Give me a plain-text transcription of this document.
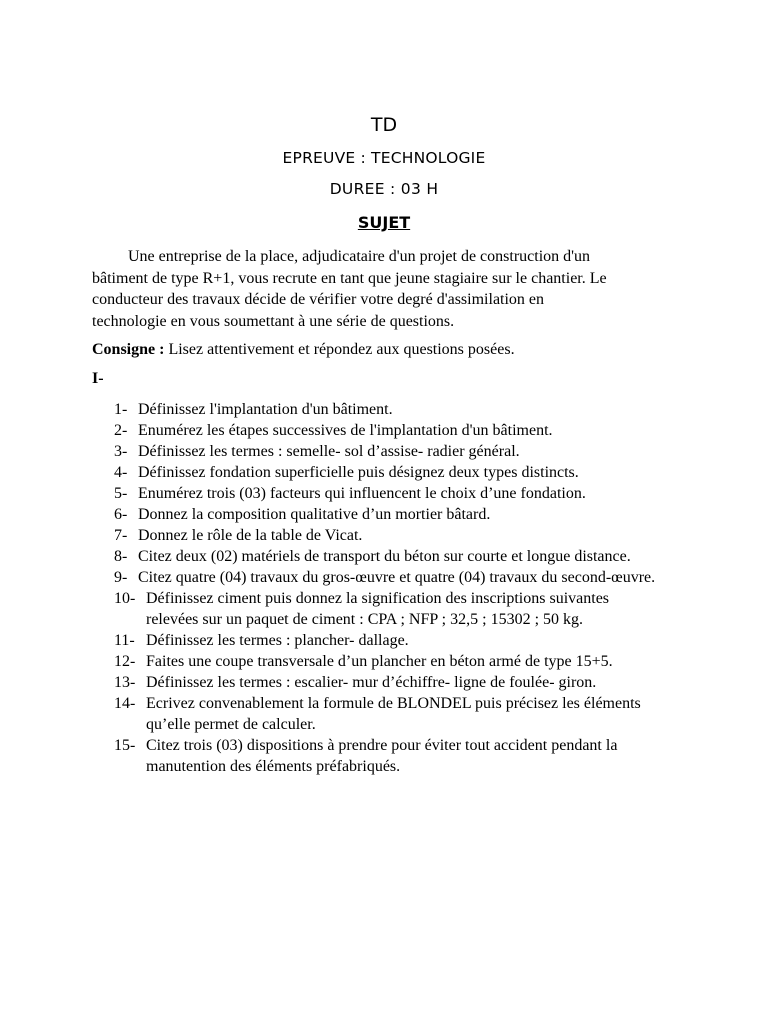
TD
EPREUVE : TECHNOLOGIE
DUREE : 03 H
SUJET
Une entreprise de la place, adjudicataire d'un projet de construction d'un
bâtiment de type R+1, vous recrute en tant que jeune stagiaire sur le chantier. Le
conducteur des travaux décide de vérifier votre degré d'assimilation en
technologie en vous soumettant à une série de questions.
Consigne : Lisez attentivement et répondez aux questions posées.
I-
1- Définissez l'implantation d'un bâtiment.
2- Enumérez les étapes successives de l'implantation d'un bâtiment.
3- Définissez les termes : semelle- sol d’assise- radier général.
4- Définissez fondation superficielle puis désignez deux types distincts.
5- Enumérez trois (03) facteurs qui influencent le choix d’une fondation.
6- Donnez la composition qualitative d’un mortier bâtard.
7- Donnez le rôle de la table de Vicat.
8- Citez deux (02) matériels de transport du béton sur courte et longue distance.
9- Citez quatre (04) travaux du gros-œuvre et quatre (04) travaux du second-œuvre.
10- Définissez ciment puis donnez la signification des inscriptions suivantes
relevées sur un paquet de ciment : CPA ; NFP ; 32,5 ; 15302 ; 50 kg.
11- Définissez les termes : plancher- dallage.
12- Faites une coupe transversale d’un plancher en béton armé de type 15+5.
13- Définissez les termes : escalier- mur d’échiffre- ligne de foulée- giron.
14- Ecrivez convenablement la formule de BLONDEL puis précisez les éléments
qu’elle permet de calculer.
15- Citez trois (03) dispositions à prendre pour éviter tout accident pendant la
manutention des éléments préfabriqués.
